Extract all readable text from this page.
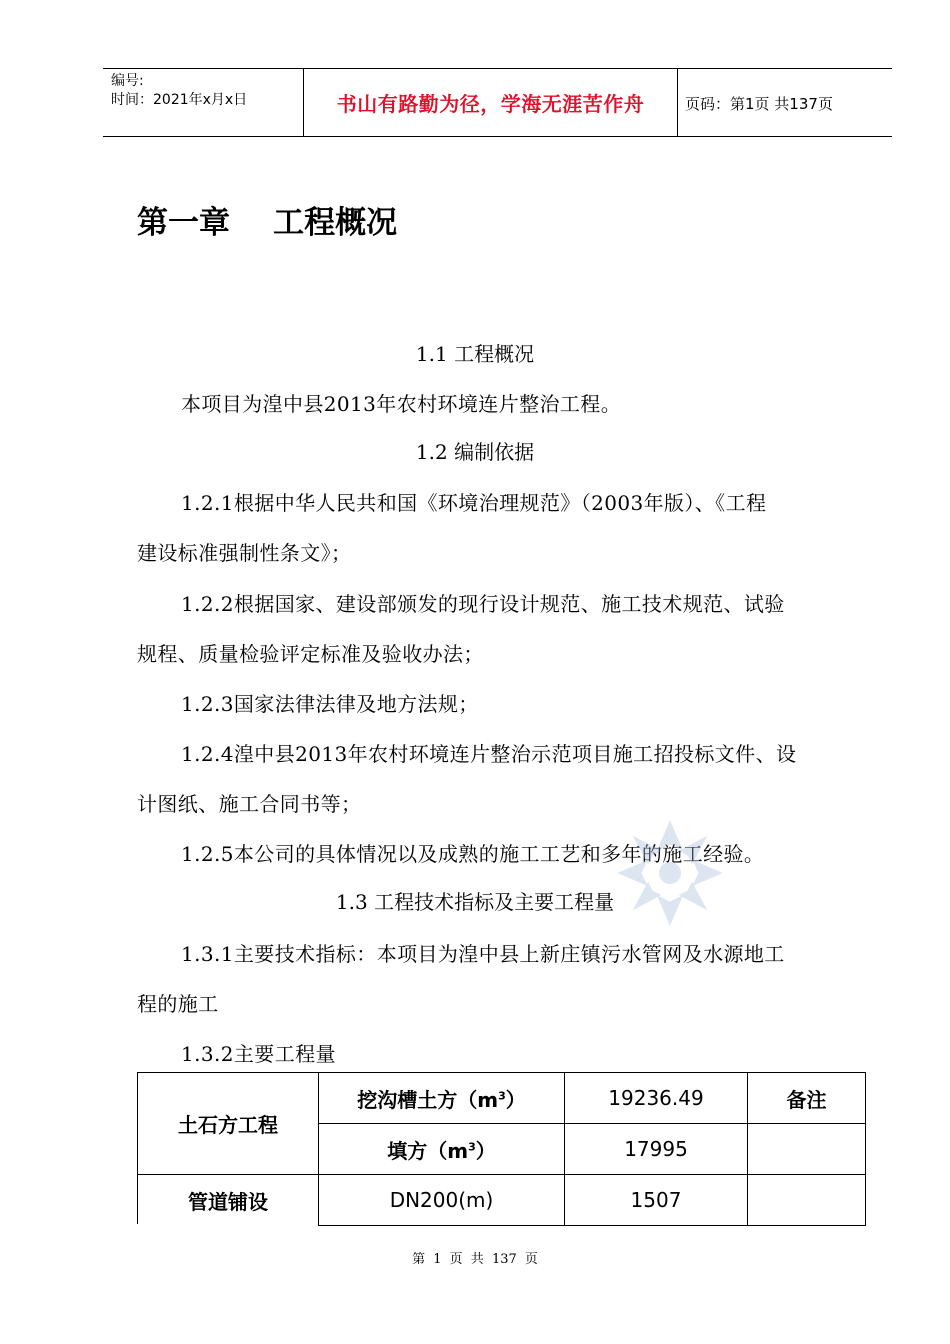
编号:
时间：2021年x月x日	书山有路勤为径，学海无涯苦作舟	页码：第1页 共137页
第一章    工程概况
1.1 工程概况
本项目为湟中县2013年农村环境连片整治工程。
1.2 编制依据
1.2.1根据中华人民共和国《环境治理规范》（2003年版）、《工程
建设标准强制性条文》；
1.2.2根据国家、建设部颁发的现行设计规范、施工技术规范、试验
规程、质量检验评定标准及验收办法；
1.2.3国家法律法律及地方法规；
1.2.4湟中县2013年农村环境连片整治示范项目施工招投标文件、设
计图纸、施工合同书等；
1.2.5本公司的具体情况以及成熟的施工工艺和多年的施工经验。
1.3 工程技术指标及主要工程量
1.3.1主要技术指标：本项目为湟中县上新庄镇污水管网及水源地工
程的施工
1.3.2主要工程量
土石方工程	挖沟槽土方$(m^3)$	19236.49	备注
	填方$(m^3)$	17995	
管道铺设	DN200(m)	1507	
第 1 页 共 137 页
